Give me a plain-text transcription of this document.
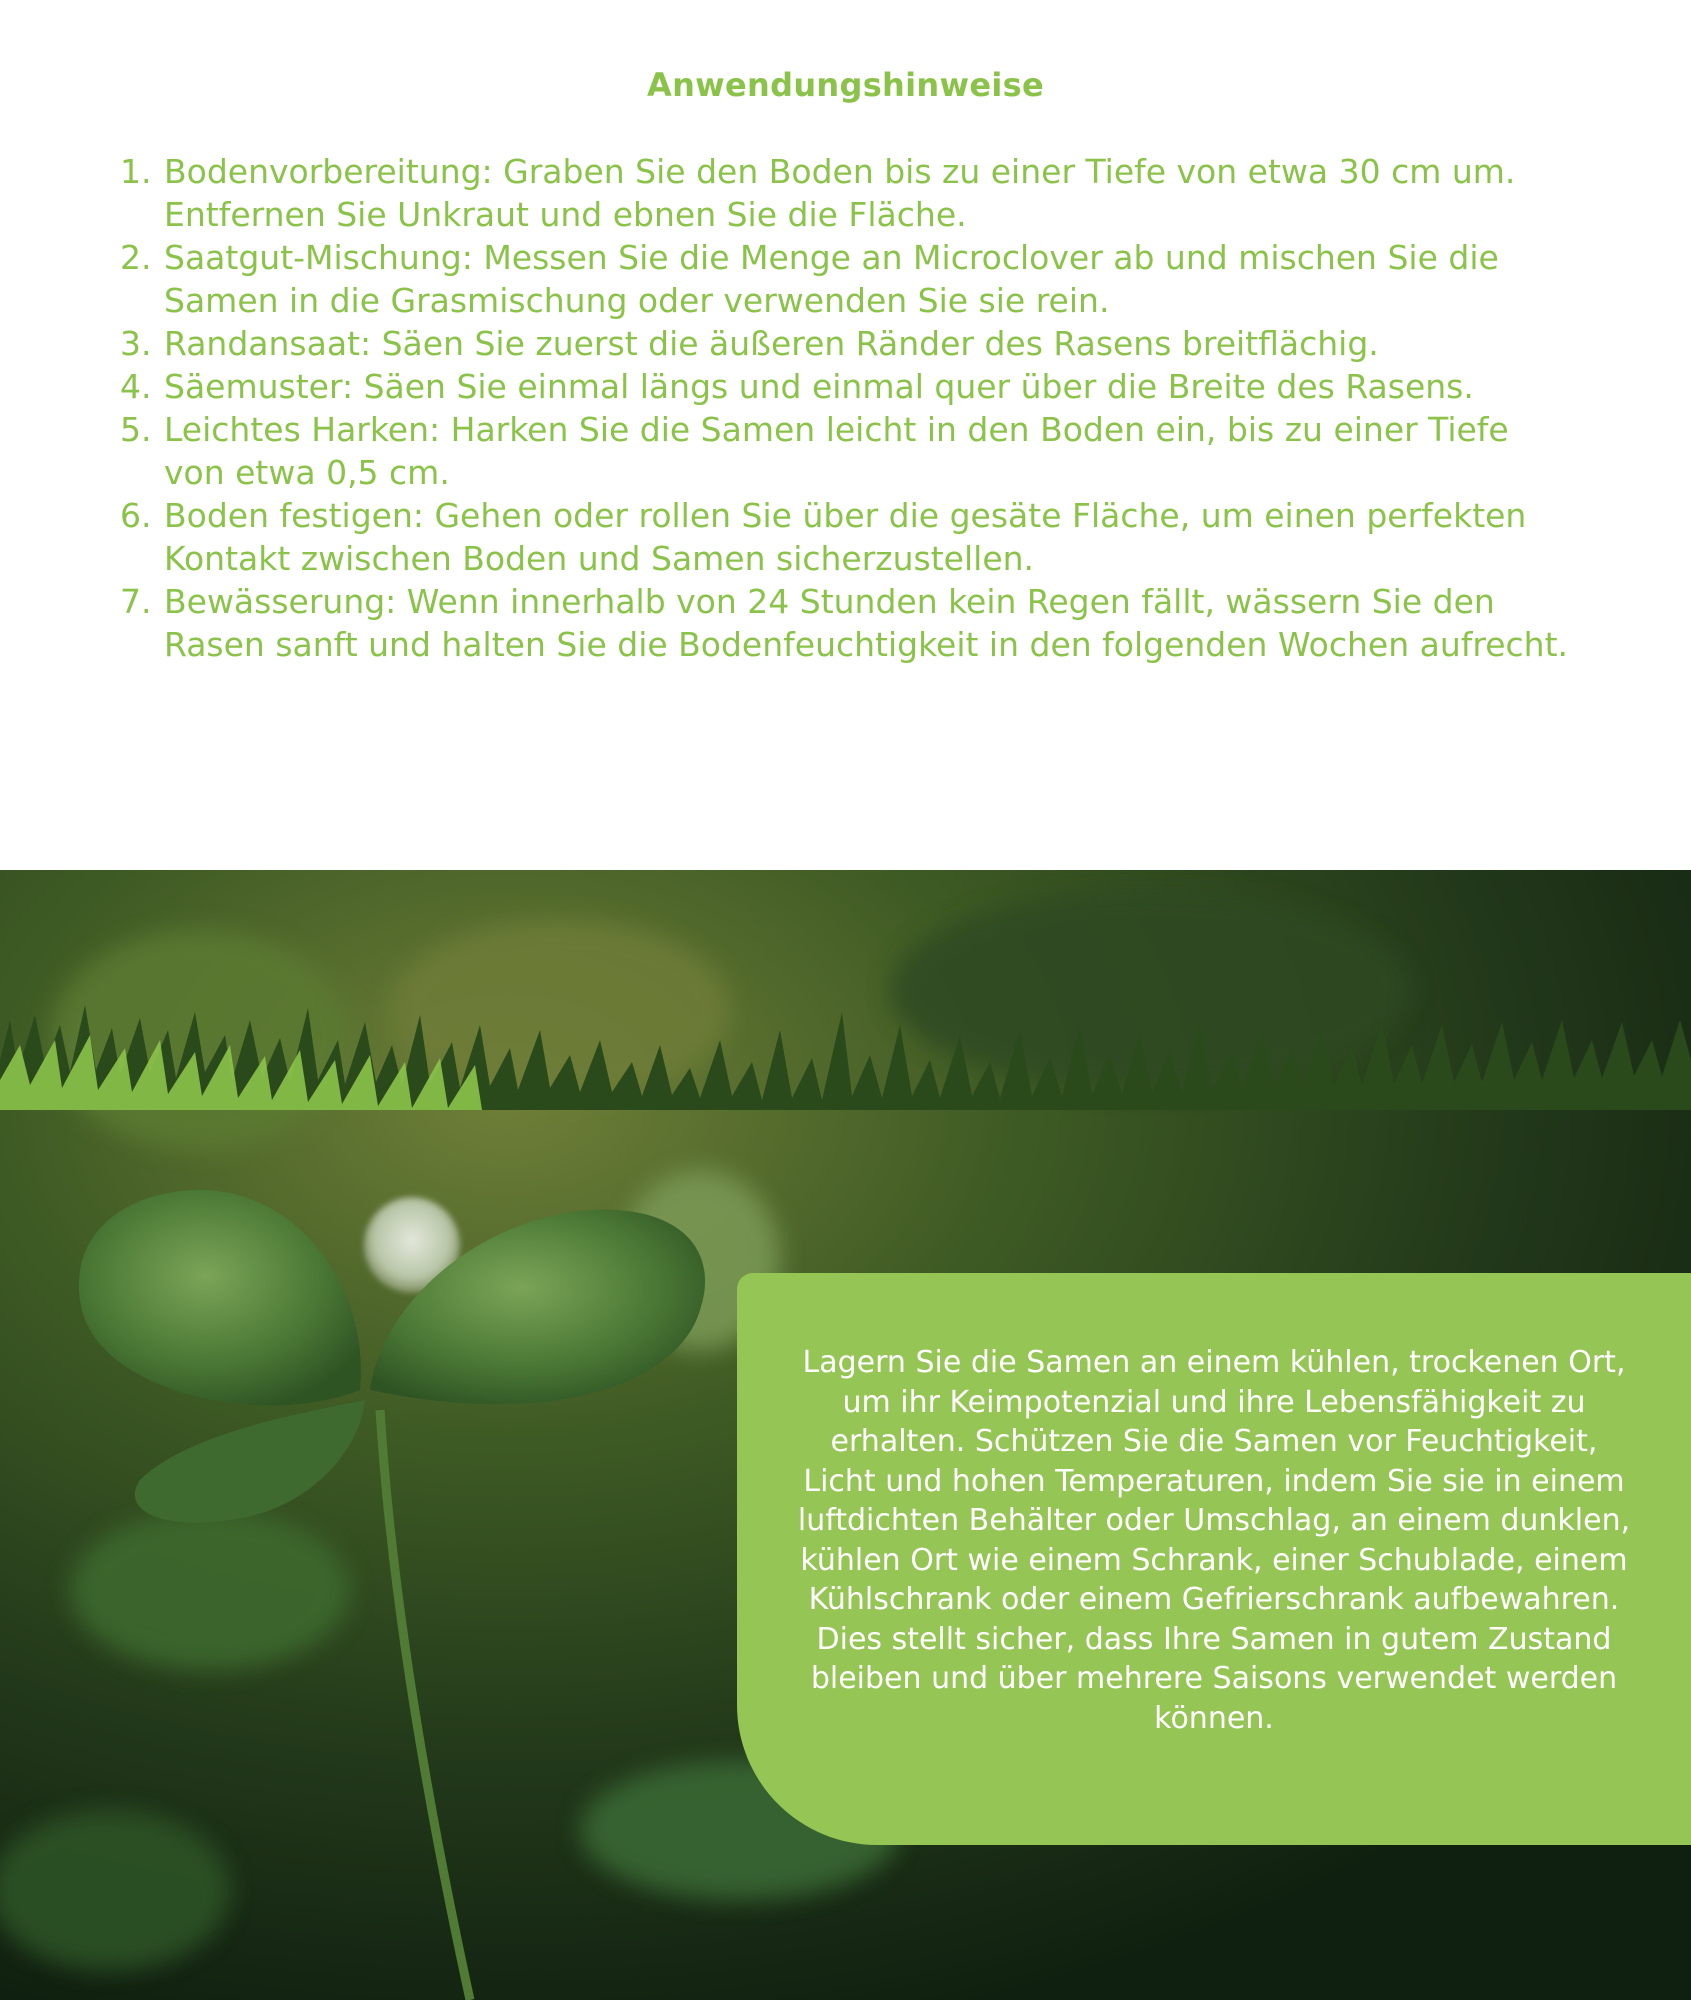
Anwendungshinweise
1. Bodenvorbereitung: Graben Sie den Boden bis zu einer Tiefe von etwa 30 cm um. Entfernen Sie Unkraut und ebnen Sie die Fläche.
2. Saatgut-Mischung: Messen Sie die Menge an Microclover ab und mischen Sie die Samen in die Grasmischung oder verwenden Sie sie rein.
3. Randansaat: Säen Sie zuerst die äußeren Ränder des Rasens breitflächig.
4. Säemuster: Säen Sie einmal längs und einmal quer über die Breite des Rasens.
5. Leichtes Harken: Harken Sie die Samen leicht in den Boden ein, bis zu einer Tiefe von etwa 0,5 cm.
6. Boden festigen: Gehen oder rollen Sie über die gesäte Fläche, um einen perfekten Kontakt zwischen Boden und Samen sicherzustellen.
7. Bewässerung: Wenn innerhalb von 24 Stunden kein Regen fällt, wässern Sie den Rasen sanft und halten Sie die Bodenfeuchtigkeit in den folgenden Wochen aufrecht.
Lagern Sie die Samen an einem kühlen, trockenen Ort, um ihr Keimpotenzial und ihre Lebensfähigkeit zu erhalten. Schützen Sie die Samen vor Feuchtigkeit, Licht und hohen Temperaturen, indem Sie sie in einem luftdichten Behälter oder Umschlag, an einem dunklen, kühlen Ort wie einem Schrank, einer Schublade, einem Kühlschrank oder einem Gefrierschrank aufbewahren. Dies stellt sicher, dass Ihre Samen in gutem Zustand bleiben und über mehrere Saisons verwendet werden können.
